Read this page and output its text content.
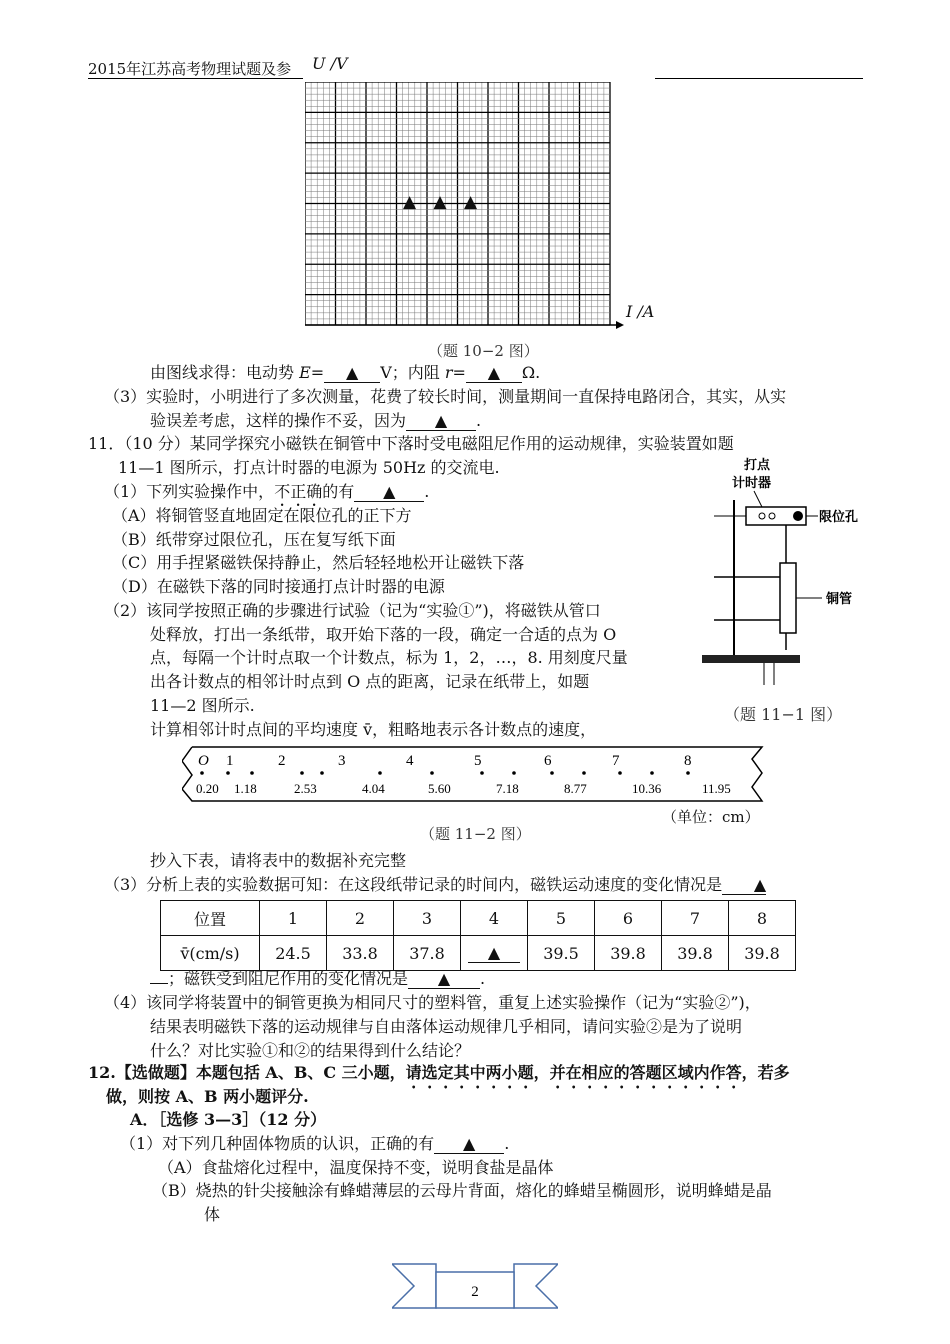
2015年江苏高考物理试题及参 U /V
▲ ▲ ▲
I /A
（题 10−2 图）
由图线求得：电动势 E= ▲ V；内阻 r= ▲ Ω.
（3）实验时，小明进行了多次测量，花费了较长时间，测量期间一直保持电路闭合，其实，从实
验误差考虑，这样的操作不妥，因为 ▲ .
11．（10 分）某同学探究小磁铁在铜管中下落时受电磁阻尼作用的运动规律，实验装置如题
11—1 图所示，打点计时器的电源为 50Hz 的交流电.
（1）下列实验操作中，不正确的有 ▲ .
（A）将铜管竖直地固定在限位孔的正下方
（B）纸带穿过限位孔，压在复写纸下面
（C）用手捏紧磁铁保持静止，然后轻轻地松开让磁铁下落
（D）在磁铁下落的同时接通打点计时器的电源
（2）该同学按照正确的步骤进行试验（记为“实验①”)，将磁铁从管口
处释放，打出一条纸带，取开始下落的一段，确定一合适的点为 O
点，每隔一个计时点取一个计数点，标为 1，2，…，8. 用刻度尺量
出各计数点的相邻计时点到 O 点的距离，记录在纸带上，如题
11—2 图所示.
计算相邻计时点间的平均速度 v̄，粗略地表示各计数点的速度，
打点
计时器
限位孔
铜管
（题 11−1 图）
O 1	2	3	4	5	6	7	8
0.20 1.18	2.53	4.04	5.60	7.18	8.77	10.36	11.95
（单位：cm）
（题 11−2 图）
抄入下表，请将表中的数据补充完整
（3）分析上表的实验数据可知：在这段纸带记录的时间内，磁铁运动速度的变化情况是 ▲
位置	1	2	3	4	5	6	7	8
v̄(cm/s)	24.5	33.8	37.8	▲	39.5	39.8	39.8	39.8
；磁铁受到阻尼作用的变化情况是 ▲ .
（4）该同学将装置中的铜管更换为相同尺寸的塑料管，重复上述实验操作（记为“实验②”)，
结果表明磁铁下落的运动规律与自由落体运动规律几乎相同，请问实验②是为了说明
什么？对比实验①和②的结果得到什么结论？
12.【选做题】本题包括 A、B、C 三小题，请选定其中两小题，并在相应的答题区域内作答，若多
做，则按 A、B 两小题评分.
A．［选修 3—3］（12 分）
（1）对下列几种固体物质的认识，正确的有 ▲ .
（A）食盐熔化过程中，温度保持不变，说明食盐是晶体
（B）烧热的针尖接触涂有蜂蜡薄层的云母片背面，熔化的蜂蜡呈椭圆形，说明蜂蜡是晶
体
2
